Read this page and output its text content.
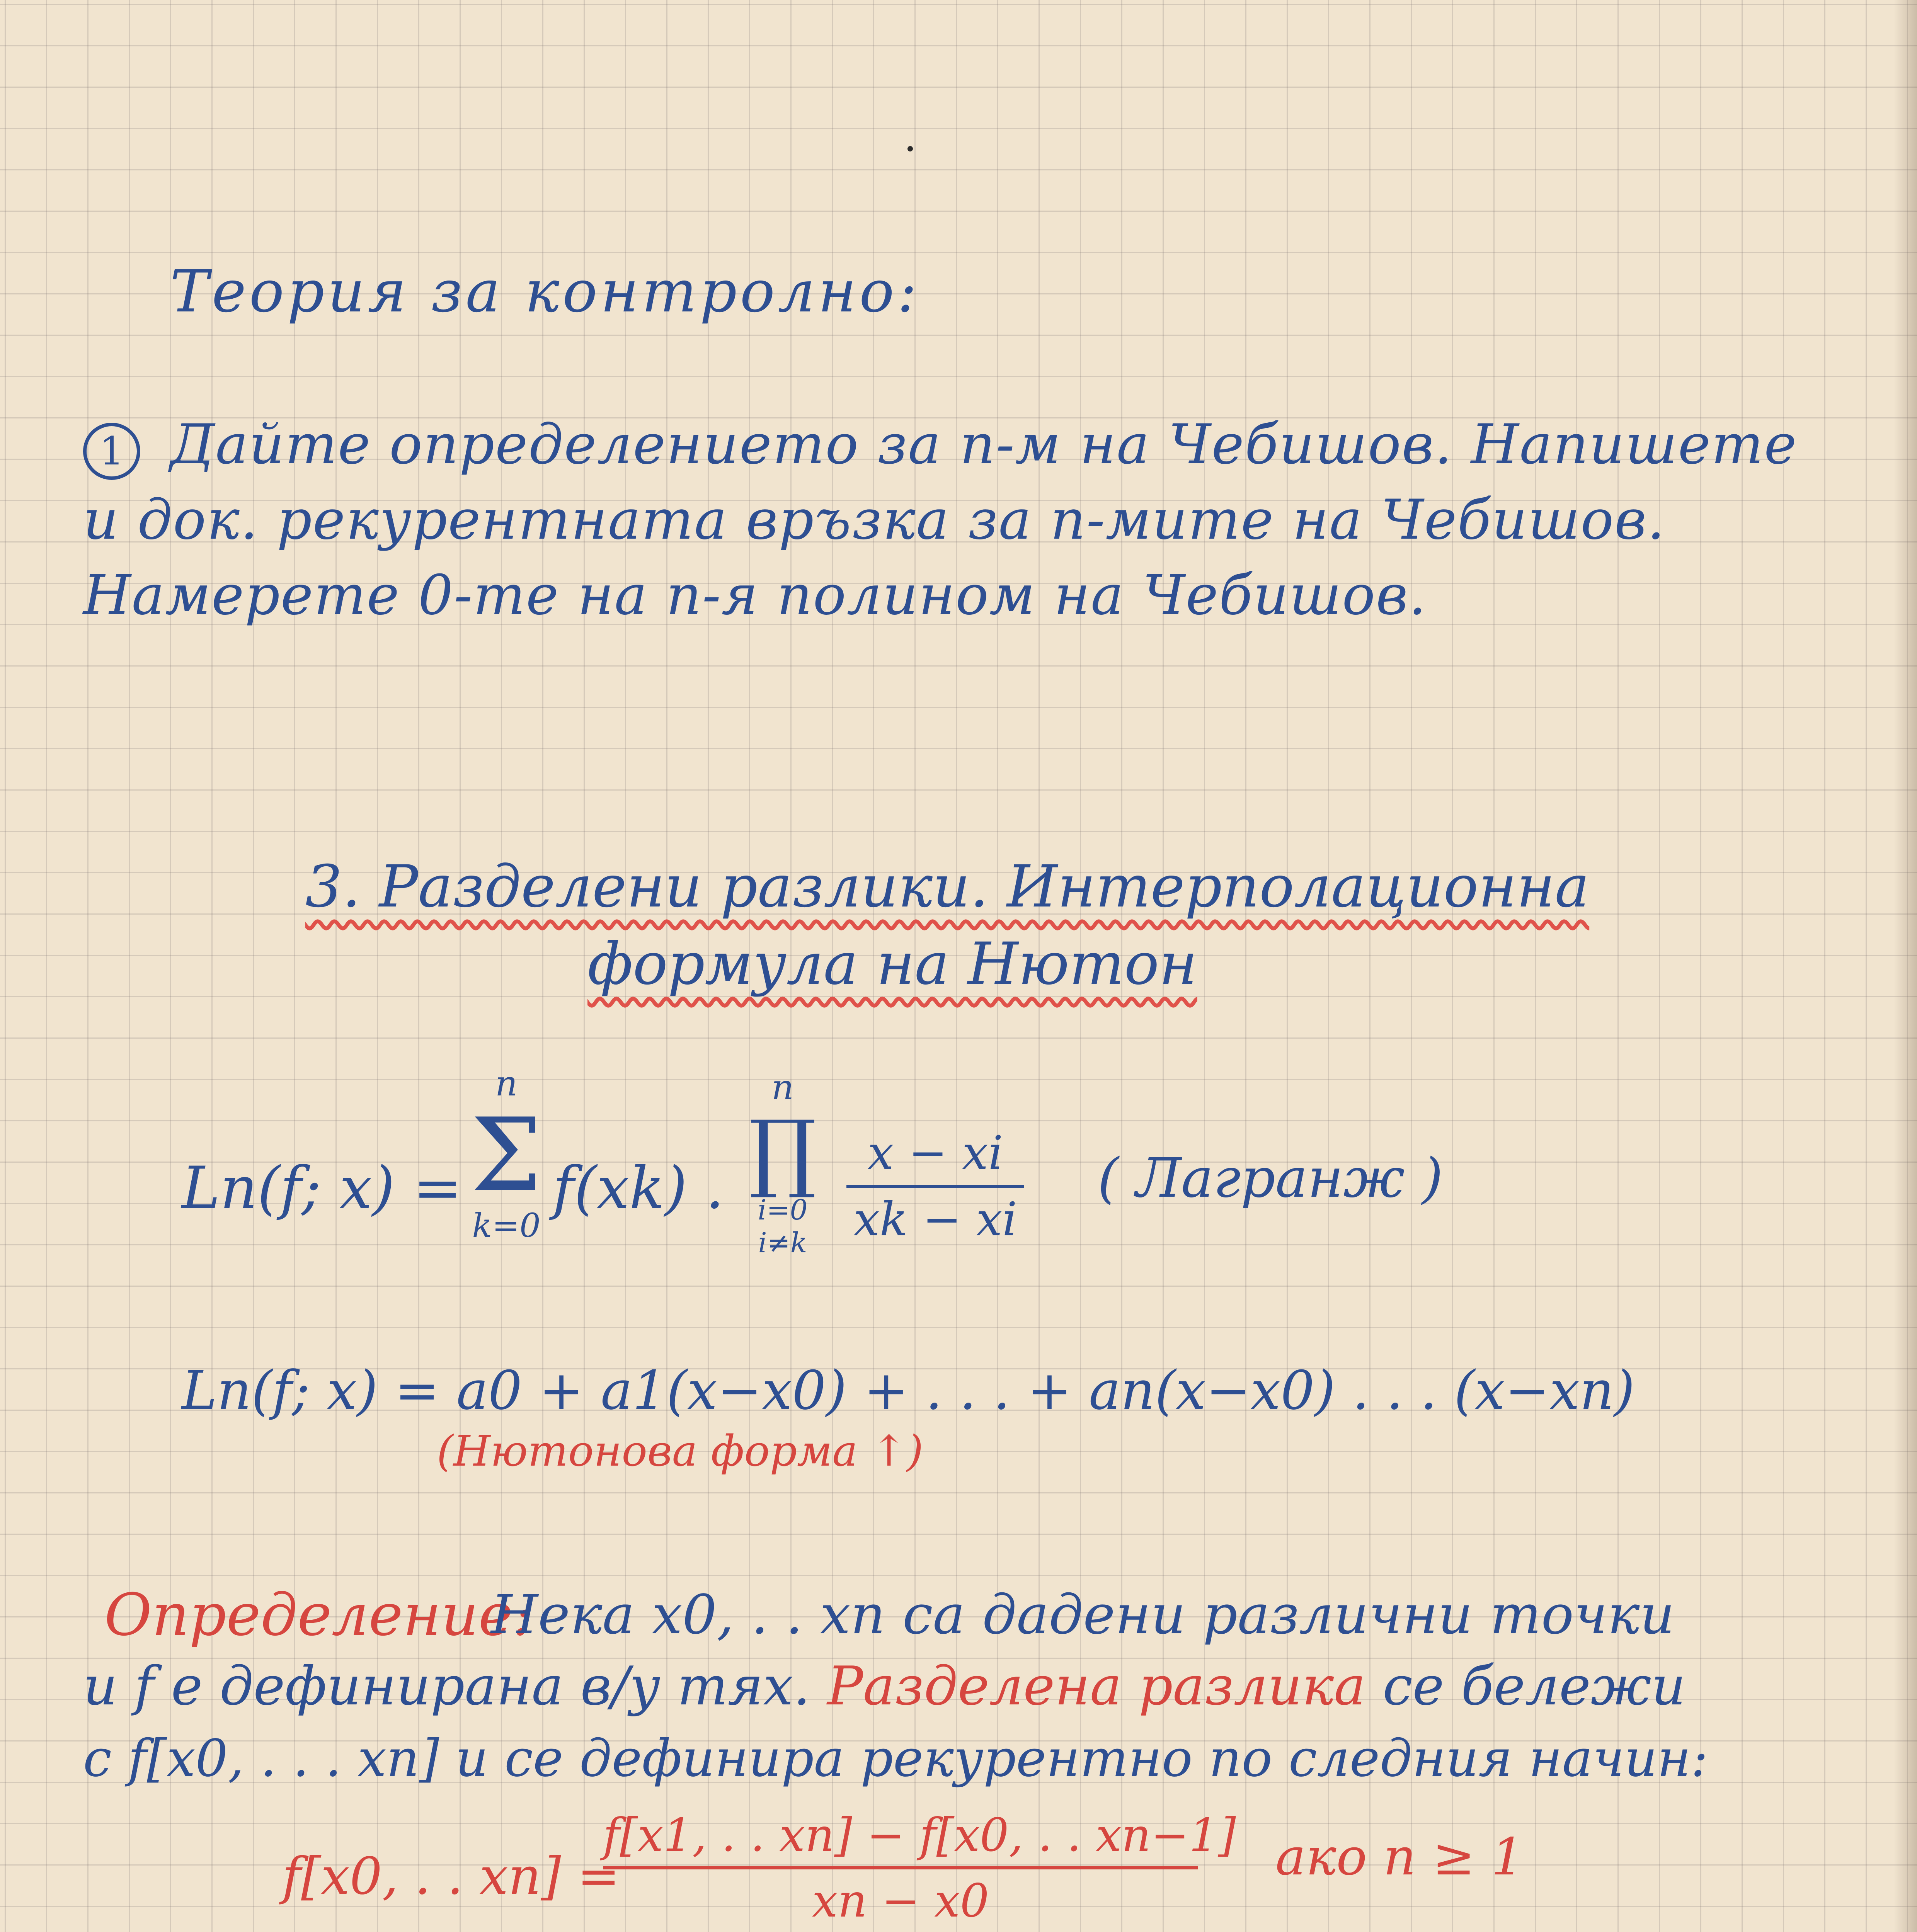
Теория за контролно:
1 Дайте определението за п-м на Чебишов. Напишете
и док. рекурентната връзка за п-мите на Чебишов.
Намерете 0-те на п-я полином на Чебишов.
3. Разделени разлики. Интерполационна
формула на Нютон
Ln(f; x) =
n
Σ
k=0
f(xk) .
n
∏
i=0
i≠k
x − xi
xk − xi
( Лагранж )
Ln(f; x) = a0 + a1(x−x0) + . . . + an(x−x0) . . . (x−xn)
(Нютонова форма ↑)
Определение:
Нека x0, . . xn са дадени различни точки
и f е дефинирана в/у тях. Разделена разлика се бележи
с f[x0, . . . xn] и се дефинира рекурентно по следния начин:
f[x0, . . xn] =
f[x1, . . xn] − f[x0, . . xn−1]
xn − x0
ако n ≥ 1
